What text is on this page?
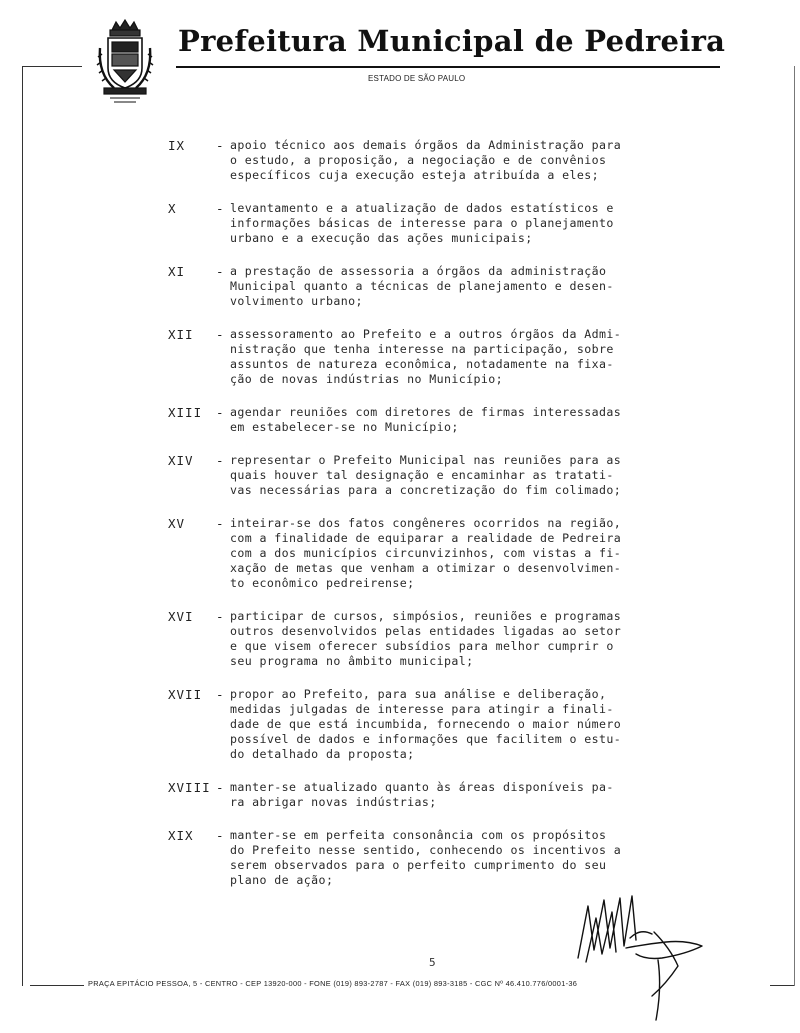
Prefeitura Municipal de Pedreira
ESTADO DE SÃO PAULO
IX	- apoio técnico aos demais órgãos da Administração para
o estudo, a proposição, a negociação e de convênios
específicos cuja execução esteja atribuída a eles;
X	- levantamento e a atualização de dados estatísticos e
informações básicas de interesse para o planejamento
urbano e a execução das ações municipais;
XI	- a prestação de assessoria a órgãos da administração
Municipal quanto a técnicas de planejamento e desen-
volvimento urbano;
XII	- assessoramento ao Prefeito e a outros órgãos da Admi-
nistração que tenha interesse na participação, sobre
assuntos de natureza econômica, notadamente na fixa-
ção de novas indústrias no Município;
XIII	- agendar reuniões com diretores de firmas interessadas
em estabelecer-se no Município;
XIV	- representar o Prefeito Municipal nas reuniões para as
quais houver tal designação e encaminhar as tratati-
vas necessárias para a concretização do fim colimado;
XV	- inteirar-se dos fatos congêneres ocorridos na região,
com a finalidade de equiparar a realidade de Pedreira
com a dos municípios circunvizinhos, com vistas a fi-
xação de metas que venham a otimizar o desenvolvimen-
to econômico pedreirense;
XVI	- participar de cursos, simpósios, reuniões e programas
outros desenvolvidos pelas entidades ligadas ao setor
e que visem oferecer subsídios para melhor cumprir o
seu programa no âmbito municipal;
XVII	- propor ao Prefeito, para sua análise e deliberação,
medidas julgadas de interesse para atingir a finali-
dade de que está incumbida, fornecendo o maior número
possível de dados e informações que facilitem o estu-
do detalhado da proposta;
XVIII - manter-se atualizado quanto às áreas disponíveis pa-
ra abrigar novas indústrias;
XIX	- manter-se em perfeita consonância com os propósitos
do Prefeito nesse sentido, conhecendo os incentivos a
serem observados para o perfeito cumprimento do seu
plano de ação;
5
PRAÇA EPITÁCIO PESSOA, 5 - CENTRO - CEP 13920-000 - FONE (019) 893-2787 - FAX (019) 893-3185 - CGC Nº 46.410.776/0001-36
